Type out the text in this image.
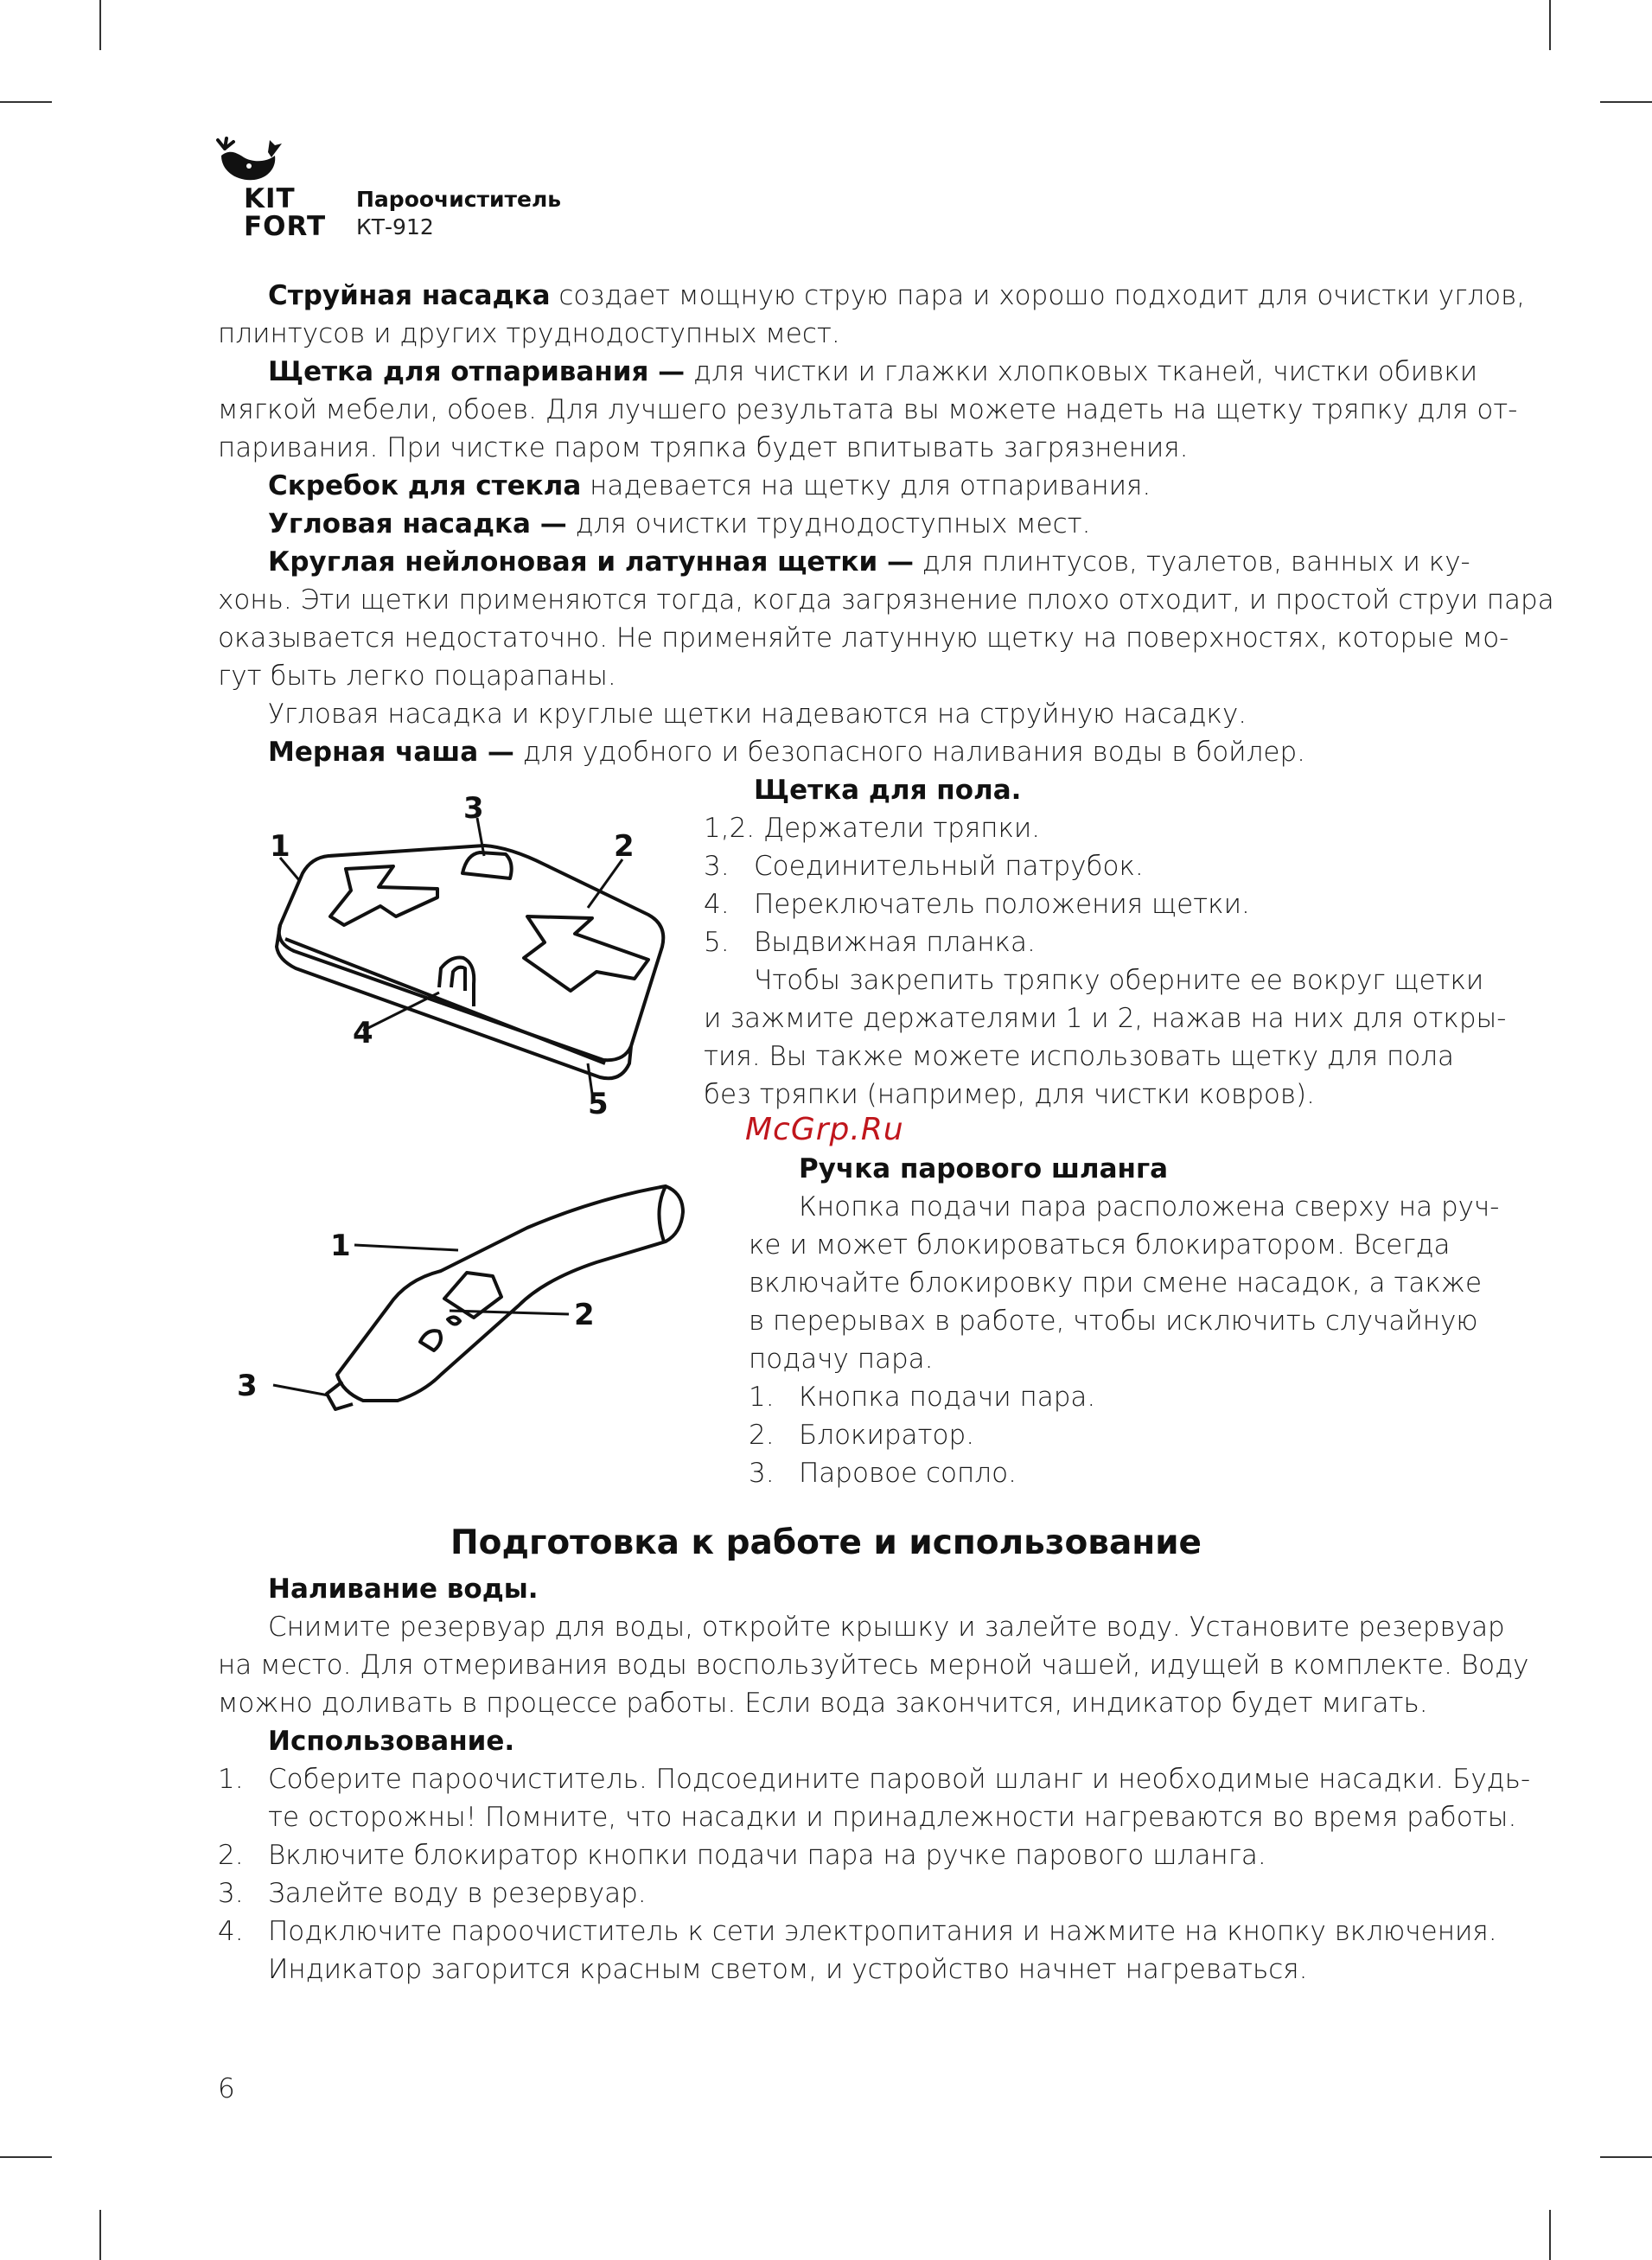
KIT
FORT
Пароочиститель
КТ-912
Струйная насадка создает мощную струю пара и хорошо подходит для очистки углов,
плинтусов и других труднодоступных мест.
Щетка для отпаривания — для чистки и глажки хлопковых тканей, чистки обивки
мягкой мебели, обоев. Для лучшего результата вы можете надеть на щетку тряпку для от-
паривания. При чистке паром тряпка будет впитывать загрязнения.
Скребок для стекла надевается на щетку для отпаривания.
Угловая насадка — для очистки труднодоступных мест.
Круглая нейлоновая и латунная щетки — для плинтусов, туалетов, ванных и ку-
хонь. Эти щетки применяются тогда, когда загрязнение плохо отходит, и простой струи пара
оказывается недостаточно. Не применяйте латунную щетку на поверхностях, которые мо-
гут быть легко поцарапаны.
Угловая насадка и круглые щетки надеваются на струйную насадку.
Мерная чаша — для удобного и безопасного наливания воды в бойлер.
1	2
3
4
5
Щетка для пола.
1,2. Держатели тряпки.
3. Соединительный патрубок.
4. Переключатель положения щетки.
5. Выдвижная планка.
Чтобы закрепить тряпку оберните ее вокруг щетки
и зажмите держателями 1 и 2, нажав на них для откры-
тия. Вы также можете использовать щетку для пола
без тряпки (например, для чистки ковров).
McGrp.Ru
1
2
3
Ручка парового шланга
Кнопка подачи пара расположена сверху на руч-
ке и может блокироваться блокиратором. Всегда
включайте блокировку при смене насадок, а также
в перерывах в работе, чтобы исключить случайную
подачу пара.
1. Кнопка подачи пара.
2. Блокиратор.
3. Паровое сопло.
Подготовка к работе и использование
Наливание воды.
Снимите резервуар для воды, откройте крышку и залейте воду. Установите резервуар
на место. Для отмеривания воды воспользуйтесь мерной чашей, идущей в комплекте. Воду
можно доливать в процессе работы. Если вода закончится, индикатор будет мигать.
Использование.
1. Соберите пароочиститель. Подсоедините паровой шланг и необходимые насадки. Будь-
те осторожны! Помните, что насадки и принадлежности нагреваются во время работы.
2. Включите блокиратор кнопки подачи пара на ручке парового шланга.
3. Залейте воду в резервуар.
4. Подключите пароочиститель к сети электропитания и нажмите на кнопку включения.
Индикатор загорится красным светом, и устройство начнет нагреваться.
6
